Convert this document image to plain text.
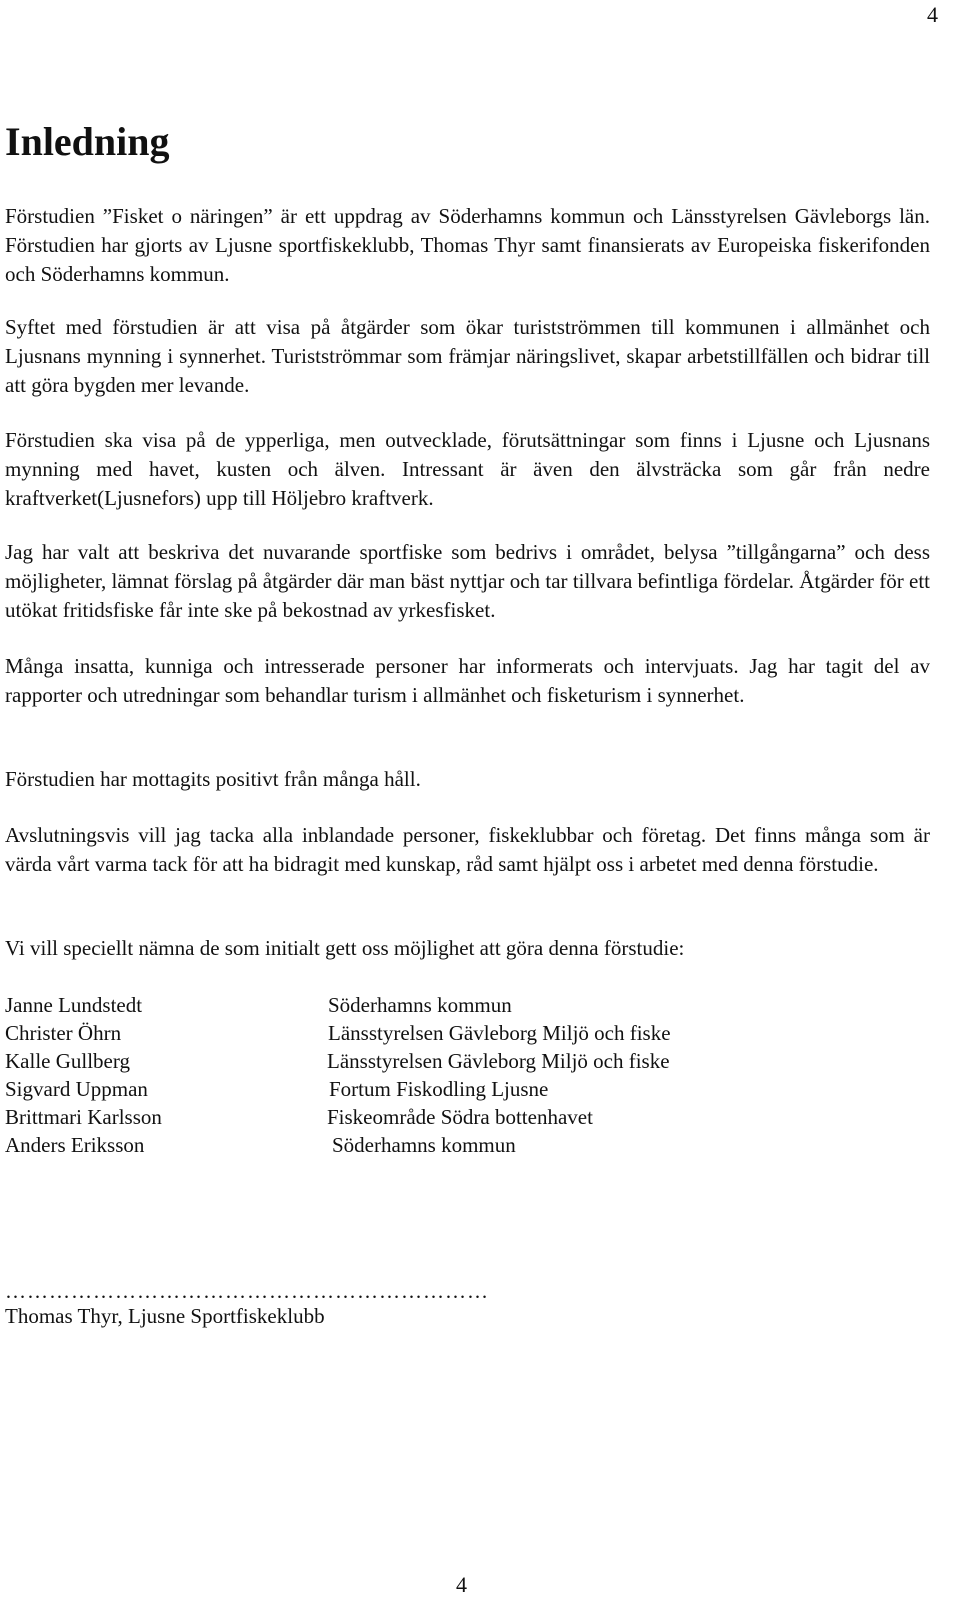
4
Inledning

Förstudien ”Fisket o näringen” är ett uppdrag av Söderhamns kommun och Länsstyrelsen Gävleborgs län. Förstudien har gjorts av Ljusne sportfiskeklubb, Thomas Thyr samt finansierats av Europeiska fiskerifonden och Söderhamns kommun.

Syftet med förstudien är att visa på åtgärder som ökar turistströmmen till kommunen i allmänhet och Ljusnans mynning i synnerhet. Turistströmmar som främjar näringslivet, skapar arbetstillfällen och bidrar till att göra bygden mer levande.

Förstudien ska visa på de ypperliga, men outvecklade, förutsättningar som finns i Ljusne och Ljusnans mynning med havet, kusten och älven. Intressant är även den älvsträcka som går från nedre kraftverket(Ljusnefors) upp till Höljebro kraftverk.

Jag har valt att beskriva det nuvarande sportfiske som bedrivs i området, belysa ”tillgångarna” och dess möjligheter, lämnat förslag på åtgärder där man bäst nyttjar och tar tillvara befintliga fördelar. Åtgärder för ett utökat fritidsfiske får inte ske på bekostnad av yrkesfisket.

Många insatta, kunniga och intresserade personer har informerats och intervjuats. Jag har tagit del av rapporter och utredningar som behandlar turism i allmänhet och fisketurism i synnerhet.

Förstudien har mottagits positivt från många håll.

Avslutningsvis vill jag tacka alla inblandade personer, fiskeklubbar och företag. Det finns många som är värda vårt varma tack för att ha bidragit med kunskap, råd samt hjälpt oss i arbetet med denna förstudie.

Vi vill speciellt nämna de som initialt gett oss möjlighet att göra denna förstudie:

Janne Lundstedt	Söderhamns kommun
Christer Öhrn	Länsstyrelsen Gävleborg Miljö och fiske
Kalle Gullberg	Länsstyrelsen Gävleborg Miljö och fiske
Sigvard Uppman	Fortum Fiskodling Ljusne
Brittmari Karlsson	Fiskeområde Södra bottenhavet
Anders Eriksson	Söderhamns kommun
…………………………………………………………
Thomas Thyr, Ljusne Sportfiskeklubb
4
